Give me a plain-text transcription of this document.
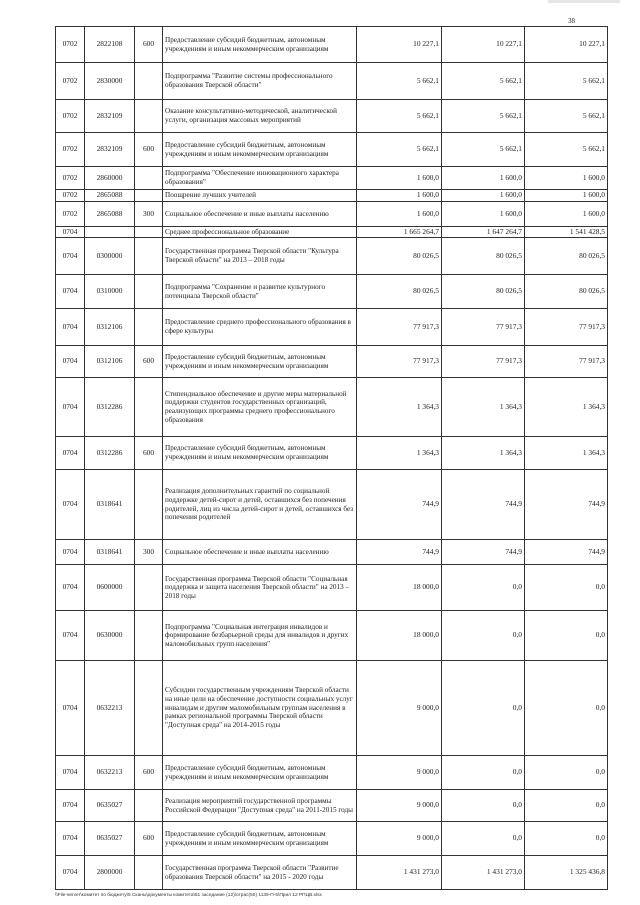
38
0702	2822108	600	Предоставление субсидий бюджетным, автономным учреждениям и иным некоммерческим организациям	10 227,1	10 227,1	10 227,1
0702	2830000		Подпрограмма "Развитие системы профессионального образования Тверской области"	5 662,1	5 662,1	5 662,1
0702	2832109		Оказание консультативно-методической, аналитической услуги, организация массовых мероприятий	5 662,1	5 662,1	5 662,1
0702	2832109	600	Предоставление субсидий бюджетным, автономным учреждениям и иным некоммерческим организациям	5 662,1	5 662,1	5 662,1
0702	2860000		Подпрограмма "Обеспечение инновационного характера образования"	1 600,0	1 600,0	1 600,0
0702	2865088		Поощрение лучших учителей	1 600,0	1 600,0	1 600,0
0702	2865088	300	Социальное обеспечение и иные выплаты населению	1 600,0	1 600,0	1 600,0
0704			Среднее профессиональное образование	1 665 264,7	1 647 264,7	1 541 428,5
0704	0300000		Государственная программа Тверской области "Культура Тверской области" на 2013 – 2018 годы	80 026,5	80 026,5	80 026,5
0704	0310000		Подпрограмма "Сохранение и развитие культурного потенциала Тверской области"	80 026,5	80 026,5	80 026,5
0704	0312106		Предоставление среднего профессионального образования в сфере культуры	77 917,3	77 917,3	77 917,3
0704	0312106	600	Предоставление субсидий бюджетным, автономным учреждениям и иным некоммерческим организациям	77 917,3	77 917,3	77 917,3
0704	0312286		Стипендиальное обеспечение и другие меры материальной поддержки студентов государственных организаций, реализующих программы среднего профессионального образования	1 364,3	1 364,3	1 364,3
0704	0312286	600	Предоставление субсидий бюджетным, автономным учреждениям и иным некоммерческим организациям	1 364,3	1 364,3	1 364,3
0704	0318641		Реализация дополнительных гарантий по социальной поддержке детей-сирот и детей, оставшихся без попечения родителей, лиц из числа детей-сирот и детей, оставшихся без попечения родителей	744,9	744,9	744,9
0704	0318641	300	Социальное обеспечение и иные выплаты населению	744,9	744,9	744,9
0704	0600000		Государственная программа Тверской области "Социальная поддержка и защита населения Тверской области" на 2013 – 2018 годы	18 000,0	0,0	0,0
0704	0630000		Подпрограмма "Социальная интеграция инвалидов и формирование безбарьерной среды для инвалидов и других маломобильных групп населения"	18 000,0	0,0	0,0
0704	0632213		Субсидии государственным учреждениям Тверской области на иные цели на обеспечение доступности социальных услуг инвалидам и другим маломобильным группам населения в рамках региональной программы Тверской области "Доступная среда" на 2014-2015 годы	9 000,0	0,0	0,0
0704	0632213	600	Предоставление субсидий бюджетным, автономным учреждениям и иным некоммерческим организациям	9 000,0	0,0	0,0
0704	0635027		Реализация мероприятий государственной программы Российской Федерации "Доступная среда" на 2011-2015 годы	9 000,0	0,0	0,0
0704	0635027	600	Предоставление субсидий бюджетным, автономным учреждениям и иным некоммерческим организациям	9 000,0	0,0	0,0
0704	2800000		Государственная программа Тверской области "Развитие образования Тверской области" на 2015 - 2020 годы	1 431 273,0	1 431 273,0	1 325 436,8
\\File-server\комитет по бюджету\5 Сканы\документы комитета\51 заседание (12)\отрас(50) 1139-П-5\Прил 12 РПЦВ.xlsx
